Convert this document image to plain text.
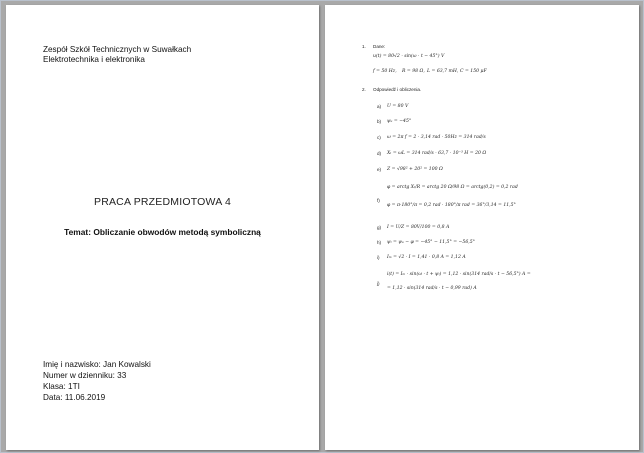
Zespół Szkół Technicznych w Suwałkach
Elektrotechnika i elektronika
PRACA PRZEDMIOTOWA 4
Temat: Obliczanie obwodów metodą symboliczną
Imię i nazwisko: Jan Kowalski
Numer w dzienniku: 33
Klasa: 1TI
Data: 11.06.2019
1. Dane:
u(t) = 80√2 · sin(ω · t − 45°) V
f = 50 Hz, R = 98 Ω, L = 63,7 mH, C = 150 μF
2. Odpowiedź i obliczenia.
a) U = 80 V
b) ψᵤ = −45°
c) ω = 2π f = 2 · 3,14 rad · 50Hz = 314 rad/s
d) Xₗ = ωL = 314 rad/s · 63,7 · 10⁻³ H = 20 Ω
e) Z = √98² + 20² = 100 Ω
φ = arctg Xₗ/R = arctg 20 Ω/98 Ω = arctg(0,2) = 0,2 rad
f)
φ = π·180°/π = 0,2 rad · 180°/π rad = 36°/3,14 = 11,5°
g) I = U/Z = 80V/100 = 0,8 A
h) ψᵢ = ψᵤ − φ = −45° − 11,5° = −56,5°
i) Iₘ = √2 · I = 1,41 · 0,8 A = 1,12 A
i(t) = Iₘ · sin(ω · t + ψᵢ) = 1,12 · sin(314 rad/s · t − 56,5°) A =
j)
= 1,12 · sin(314 rad/s · t − 0,99 rad) A
